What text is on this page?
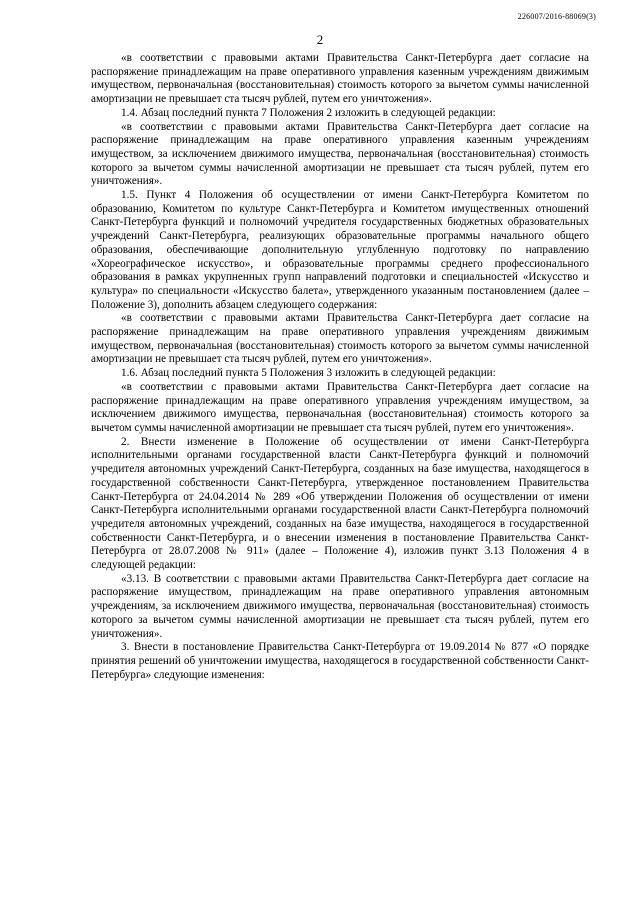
226007/2016-88069(3)
2

«в соответствии с правовыми актами Правительства Санкт-Петербурга дает согласие на распоряжение принадлежащим на праве оперативного управления казенным учреждениям движимым имуществом, первоначальная (восстановительная) стоимость которого за вычетом суммы начисленной амортизации не превышает ста тысяч рублей, путем его уничтожения».

1.4. Абзац последний пункта 7 Положения 2 изложить в следующей редакции:

«в соответствии с правовыми актами Правительства Санкт-Петербурга дает согласие на распоряжение принадлежащим на праве оперативного управления казенным учреждениям имуществом, за исключением движимого имущества, первоначальная (восстановительная) стоимость которого за вычетом суммы начисленной амортизации не превышает ста тысяч рублей, путем его уничтожения».

1.5. Пункт 4 Положения об осуществлении от имени Санкт-Петербурга Комитетом по образованию, Комитетом по культуре Санкт-Петербурга и Комитетом имущественных отношений Санкт-Петербурга функций и полномочий учредителя государственных бюджетных образовательных учреждений Санкт-Петербурга, реализующих образовательные программы начального общего образования, обеспечивающие дополнительную углубленную подготовку по направлению «Хореографическое искусство», и образовательные программы среднего профессионального образования в рамках укрупненных групп направлений подготовки и специальностей «Искусство и культура» по специальности «Искусство балета», утвержденного указанным постановлением (далее – Положение 3), дополнить абзацем следующего содержания:

«в соответствии с правовыми актами Правительства Санкт-Петербурга дает согласие на распоряжение принадлежащим на праве оперативного управления учреждениям движимым имуществом, первоначальная (восстановительная) стоимость которого за вычетом суммы начисленной амортизации не превышает ста тысяч рублей, путем его уничтожения».

1.6. Абзац последний пункта 5 Положения 3 изложить в следующей редакции:

«в соответствии с правовыми актами Правительства Санкт-Петербурга дает согласие на распоряжение принадлежащим на праве оперативного управления учреждениям имуществом, за исключением движимого имущества, первоначальная (восстановительная) стоимость которого за вычетом суммы начисленной амортизации не превышает ста тысяч рублей, путем его уничтожения».

2. Внести изменение в Положение об осуществлении от имени Санкт-Петербурга исполнительными органами государственной власти Санкт-Петербурга функций и полномочий учредителя автономных учреждений Санкт-Петербурга, созданных на базе имущества, находящегося в государственной собственности Санкт-Петербурга, утвержденное постановлением Правительства Санкт-Петербурга от 24.04.2014 № 289 «Об утверждении Положения об осуществлении от имени Санкт-Петербурга исполнительными органами государственной власти Санкт-Петербурга полномочий учредителя автономных учреждений, созданных на базе имущества, находящегося в государственной собственности Санкт-Петербурга, и о внесении изменения в постановление Правительства Санкт-Петербурга от 28.07.2008 № 911» (далее – Положение 4), изложив пункт 3.13 Положения 4 в следующей редакции:

«3.13. В соответствии с правовыми актами Правительства Санкт-Петербурга дает согласие на распоряжение имуществом, принадлежащим на праве оперативного управления автономным учреждениям, за исключением движимого имущества, первоначальная (восстановительная) стоимость которого за вычетом суммы начисленной амортизации не превышает ста тысяч рублей, путем его уничтожения».

3. Внести в постановление Правительства Санкт-Петербурга от 19.09.2014 № 877 «О порядке принятия решений об уничтожении имущества, находящегося в государственной собственности Санкт-Петербурга» следующие изменения:
